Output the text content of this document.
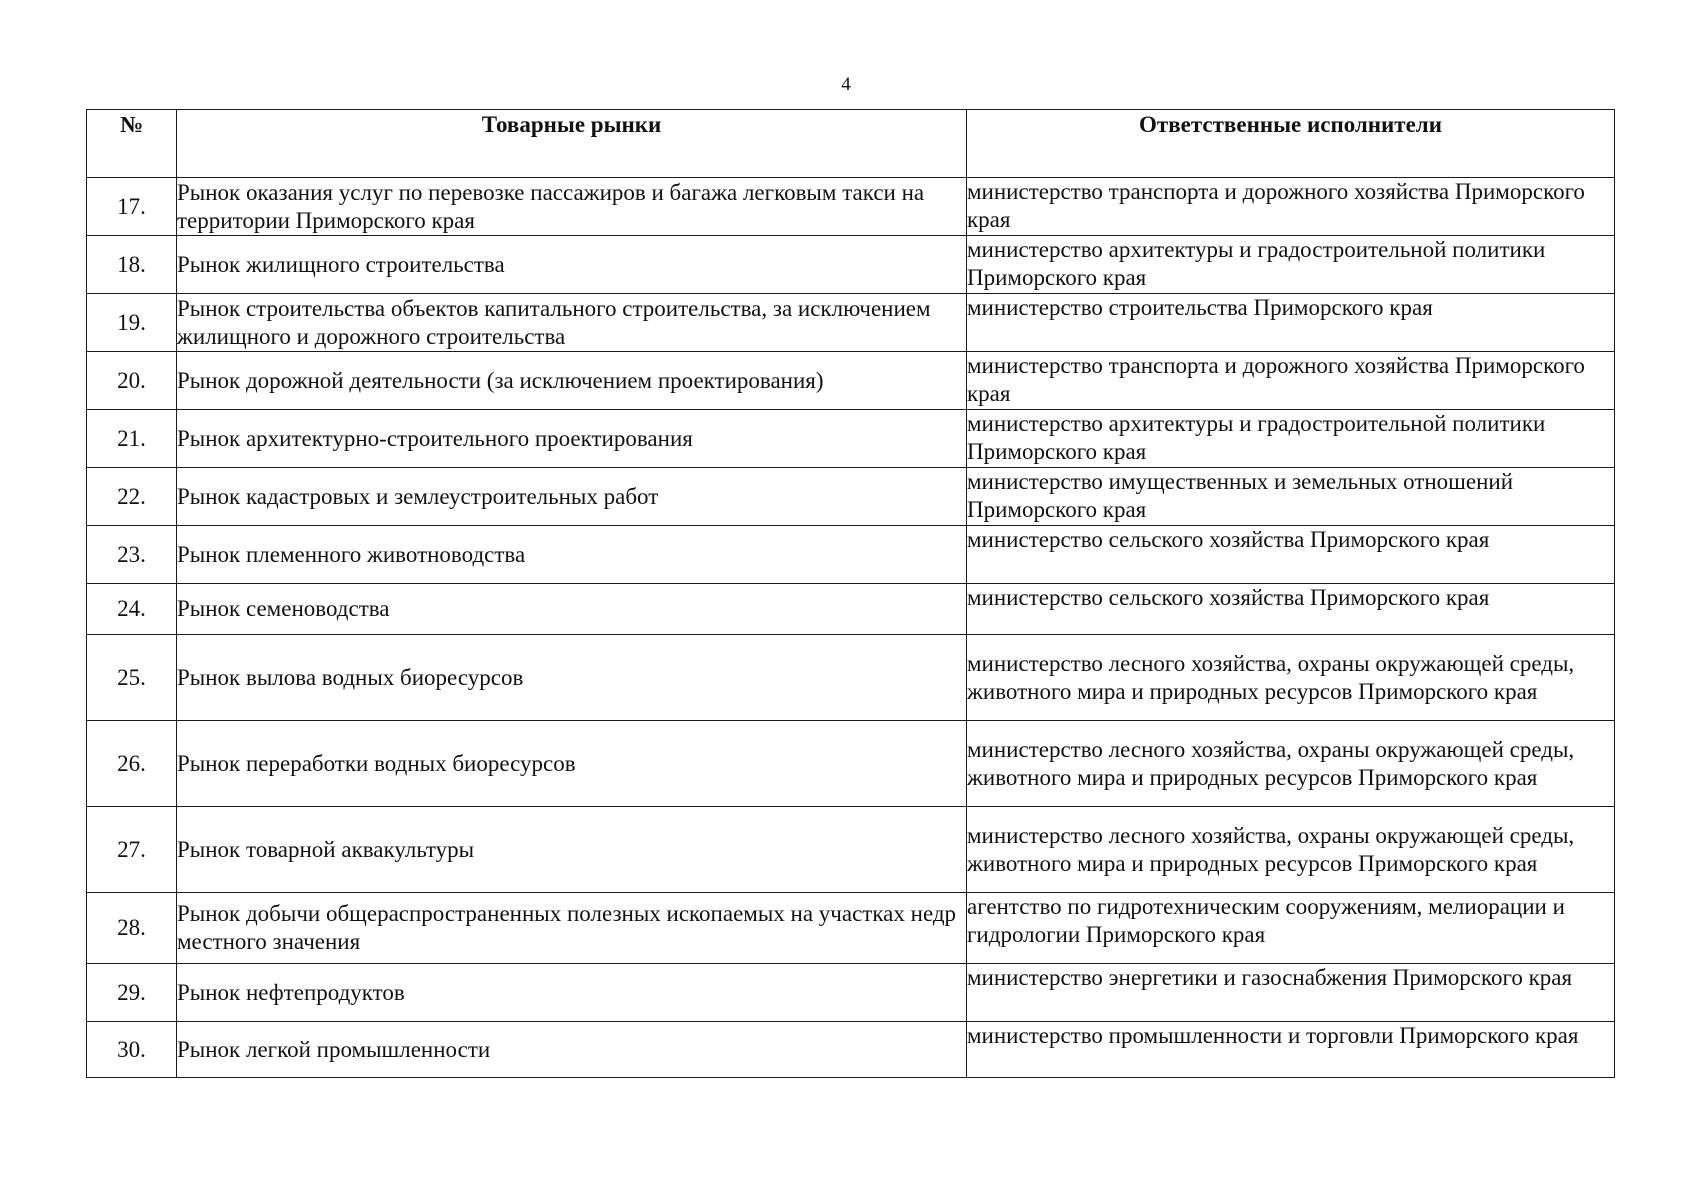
4
№	Товарные рынки	Ответственные исполнители

17.	Рынок оказания услуг по перевозке пассажиров и багажа легковым такси на территории Приморского края	министерство транспорта и дорожного хозяйства Приморского края
18.	Рынок жилищного строительства	министерство архитектуры и градостроительной политики Приморского края
19.	Рынок строительства объектов капитального строительства, за исключением жилищного и дорожного строительства	министерство строительства Приморского края
20.	Рынок дорожной деятельности (за исключением проектирования)	министерство транспорта и дорожного хозяйства Приморского края
21.	Рынок архитектурно-строительного проектирования	министерство архитектуры и градостроительной политики Приморского края
22.	Рынок кадастровых и землеустроительных работ	министерство имущественных и земельных отношений Приморского края
23.	Рынок племенного животноводства	министерство сельского хозяйства Приморского края
24.	Рынок семеноводства	министерство сельского хозяйства Приморского края
25.	Рынок вылова водных биоресурсов	министерство лесного хозяйства, охраны окружающей среды, животного мира и природных ресурсов Приморского края
26.	Рынок переработки водных биоресурсов	министерство лесного хозяйства, охраны окружающей среды, животного мира и природных ресурсов Приморского края
27.	Рынок товарной аквакультуры	министерство лесного хозяйства, охраны окружающей среды, животного мира и природных ресурсов Приморского края
28.	Рынок добычи общераспространенных полезных ископаемых на участках недр местного значения	агентство по гидротехническим сооружениям, мелиорации и гидрологии Приморского края
29.	Рынок нефтепродуктов	министерство энергетики и газоснабжения Приморского края
30.	Рынок легкой промышленности	министерство промышленности и торговли Приморского края
